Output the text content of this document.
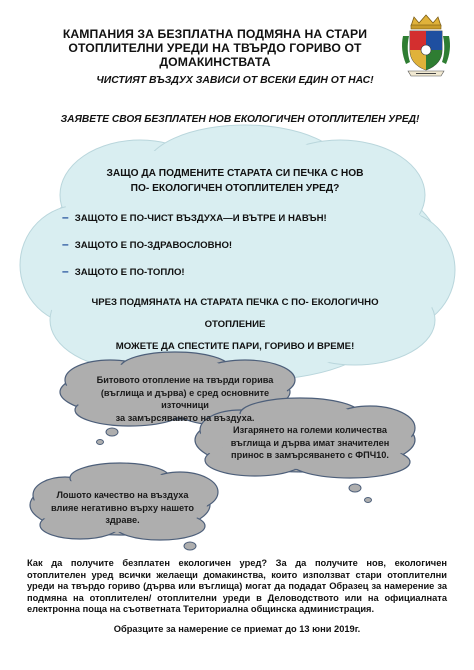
КАМПАНИЯ ЗА БЕЗПЛАТНА ПОДМЯНА НА СТАРИ
ОТОПЛИТЕЛНИ УРЕДИ НА ТВЪРДО ГОРИВО ОТ
ДОМАКИНСТВАТА
ЧИСТИЯТ ВЪЗДУХ ЗАВИСИ ОТ ВСЕКИ ЕДИН ОТ НАС!
ЗАЯВЕТЕ СВОЯ БЕЗПЛАТЕН НОВ ЕКОЛОГИЧЕН ОТОПЛИТЕЛЕН УРЕД!
ЗАЩО ДА ПОДМЕНИТЕ СТАРАТА СИ ПЕЧКА С НОВ
ПО- ЕКОЛОГИЧЕН ОТОПЛИТЕЛЕН УРЕД?
– ЗАЩОТО Е ПО-ЧИСТ ВЪЗДУХА—И ВЪТРЕ И НАВЪН!
– ЗАЩОТО Е ПО-ЗДРАВОСЛОВНО!
– ЗАЩОТО Е ПО-ТОПЛО!
ЧРЕЗ ПОДМЯНАТА НА СТАРАТА ПЕЧКА С ПО- ЕКОЛОГИЧНО
ОТОПЛЕНИЕ
МОЖЕТЕ ДА СПЕСТИТЕ ПАРИ, ГОРИВО И ВРЕМЕ!
Битовото отопление на твърди горива
(въглища и дърва) е сред основните източници
за замърсяването на въздуха.
Изгарянето на големи количества
въглища и дърва имат значителен
принос в замърсяването с ФПЧ10.
Лошото качество на въздуха
влияе негативно върху нашето
здраве.
Как да получите безплатен екологичен уред? За да получите нов, екологичен отоплителен уред всички желаещи домакинства, които използват стари отоплителни уреди на твърдо гориво (дърва или въглища) могат да подадат Образец за намерение за подмяна на отоплителен/ отоплителни уреди в Деловодството или на официалната електронна поща на съответната Териториална общинска администрация.
Образците за намерение се приемат до 13 юни 2019г.
